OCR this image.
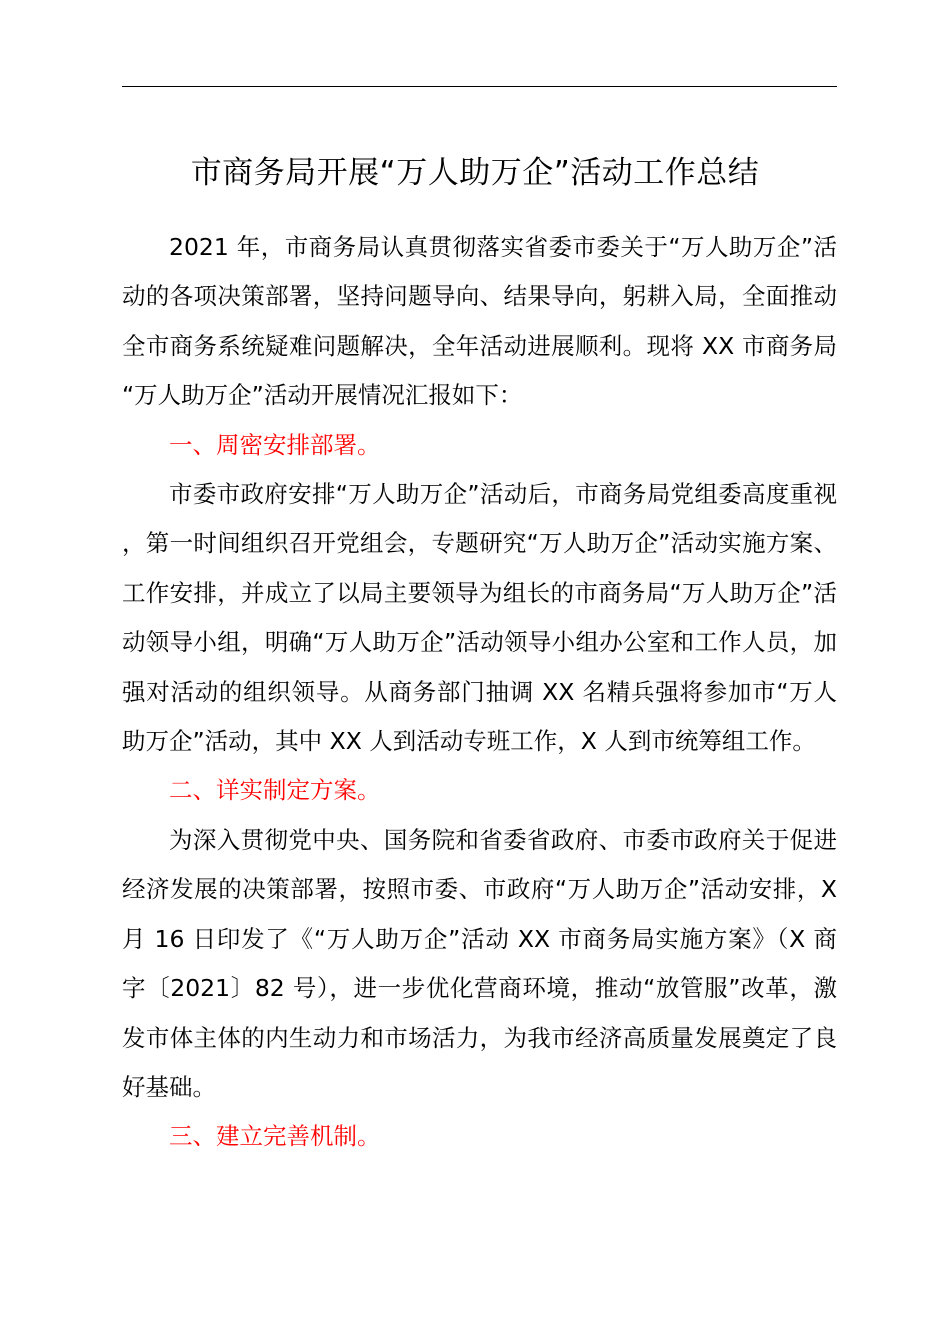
市商务局开展“万人助万企”活动工作总结

2021 年，市商务局认真贯彻落实省委市委关于“万人助万企”活动的各项决策部署，坚持问题导向、结果导向，躬耕入局，全面推动全市商务系统疑难问题解决，全年活动进展顺利。现将 XX 市商务局“万人助万企”活动开展情况汇报如下：

一、周密安排部署。

市委市政府安排“万人助万企”活动后，市商务局党组委高度重视，第一时间组织召开党组会，专题研究“万人助万企”活动实施方案、工作安排，并成立了以局主要领导为组长的市商务局“万人助万企”活动领导小组，明确“万人助万企”活动领导小组办公室和工作人员，加强对活动的组织领导。从商务部门抽调 XX 名精兵强将参加市“万人助万企”活动，其中 XX 人到活动专班工作，X 人到市统筹组工作。

二、详实制定方案。

为深入贯彻党中央、国务院和省委省政府、市委市政府关于促进经济发展的决策部署，按照市委、市政府“万人助万企”活动安排，X 月 16 日印发了《“万人助万企”活动 XX 市商务局实施方案》（X 商字〔2021〕82 号），进一步优化营商环境，推动“放管服”改革，激发市体主体的内生动力和市场活力，为我市经济高质量发展奠定了良好基础。

三、建立完善机制。
